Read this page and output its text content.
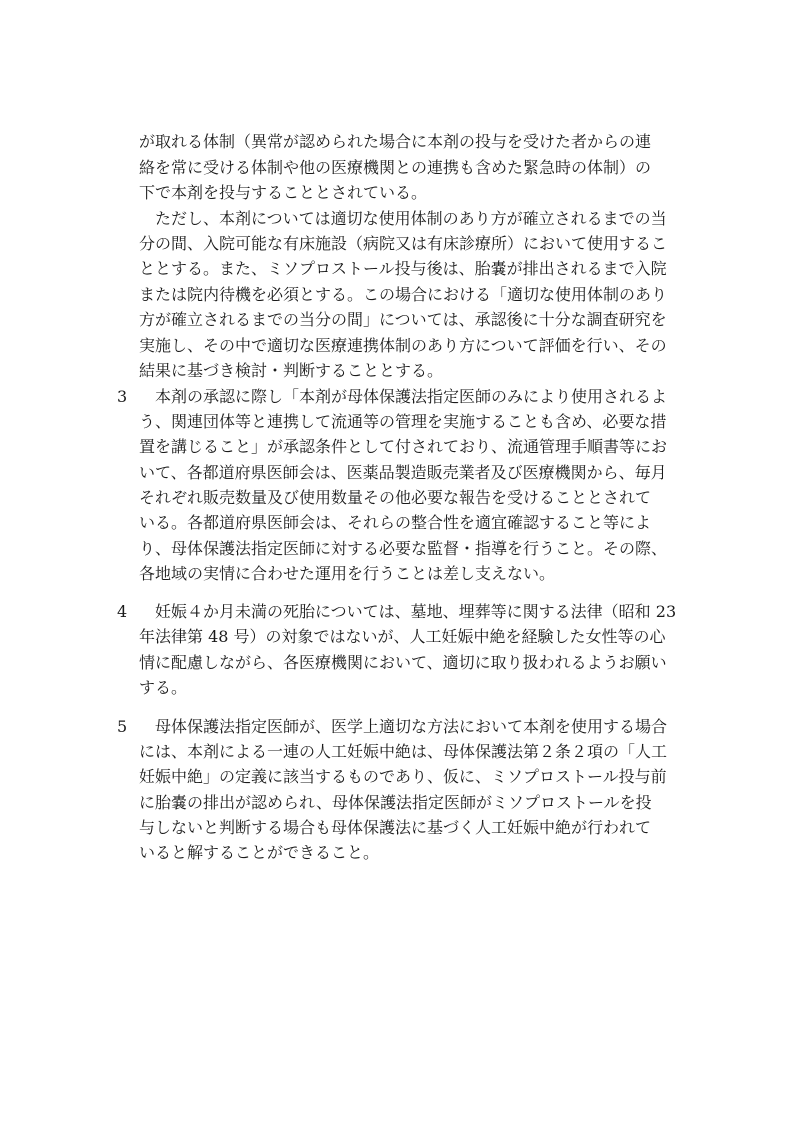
が取れる体制（異常が認められた場合に本剤の投与を受けた者からの連
絡を常に受ける体制や他の医療機関との連携も含めた緊急時の体制）の
下で本剤を投与することとされている。
ただし、本剤については適切な使用体制のあり方が確立されるまでの当
分の間、入院可能な有床施設（病院又は有床診療所）において使用するこ
ととする。また、ミソプロストール投与後は、胎嚢が排出されるまで入院
または院内待機を必須とする。この場合における「適切な使用体制のあり
方が確立されるまでの当分の間」については、承認後に十分な調査研究を
実施し、その中で適切な医療連携体制のあり方について評価を行い、その
結果に基づき検討・判断することとする。
3 本剤の承認に際し「本剤が母体保護法指定医師のみにより使用されるよ
う、関連団体等と連携して流通等の管理を実施することも含め、必要な措
置を講じること」が承認条件として付されており、流通管理手順書等にお
いて、各都道府県医師会は、医薬品製造販売業者及び医療機関から、毎月
それぞれ販売数量及び使用数量その他必要な報告を受けることとされて
いる。各都道府県医師会は、それらの整合性を適宜確認すること等によ
り、母体保護法指定医師に対する必要な監督・指導を行うこと。その際、
各地域の実情に合わせた運用を行うことは差し支えない。
4 妊娠４か月未満の死胎については、墓地、埋葬等に関する法律（昭和 23
年法律第 48 号）の対象ではないが、人工妊娠中絶を経験した女性等の心
情に配慮しながら、各医療機関において、適切に取り扱われるようお願い
する。
5 母体保護法指定医師が、医学上適切な方法において本剤を使用する場合
には、本剤による一連の人工妊娠中絶は、母体保護法第２条２項の「人工
妊娠中絶」の定義に該当するものであり、仮に、ミソプロストール投与前
に胎嚢の排出が認められ、母体保護法指定医師がミソプロストールを投
与しないと判断する場合も母体保護法に基づく人工妊娠中絶が行われて
いると解することができること。
